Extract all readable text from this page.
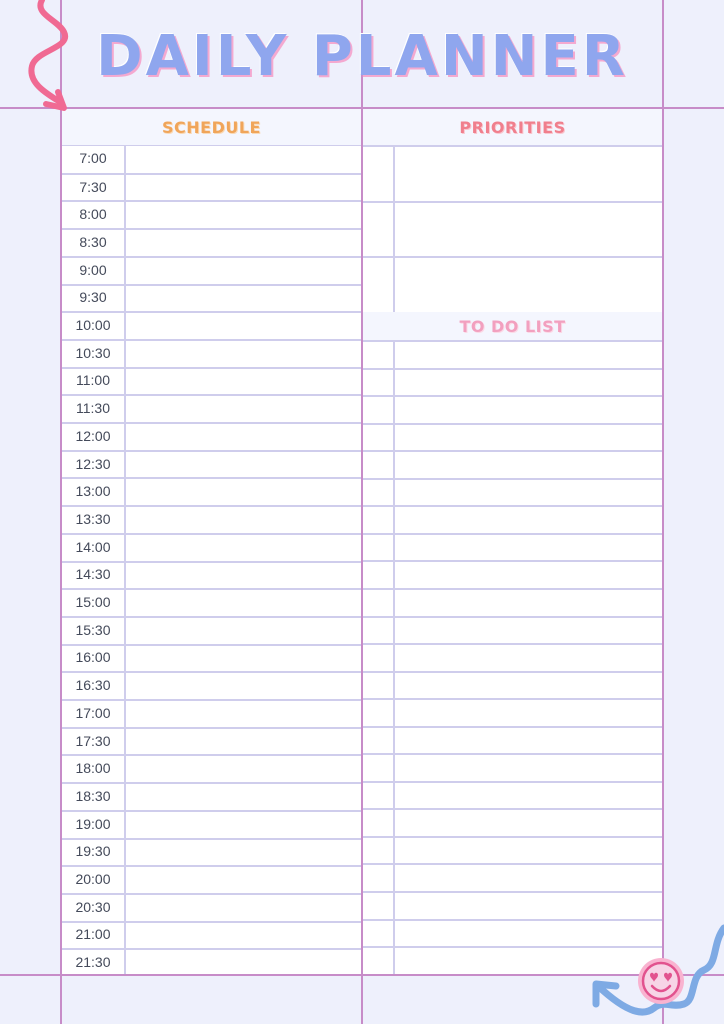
DAILY PLANNER
SCHEDULE
7:00
7:30
8:00
8:30
9:00
9:30
10:00
10:30
11:00
11:30
12:00
12:30
13:00
13:30
14:00
14:30
15:00
15:30
16:00
16:30
17:00
17:30
18:00
18:30
19:00
19:30
20:00
20:30
21:00
21:30
PRIORITIES
TO DO LIST
